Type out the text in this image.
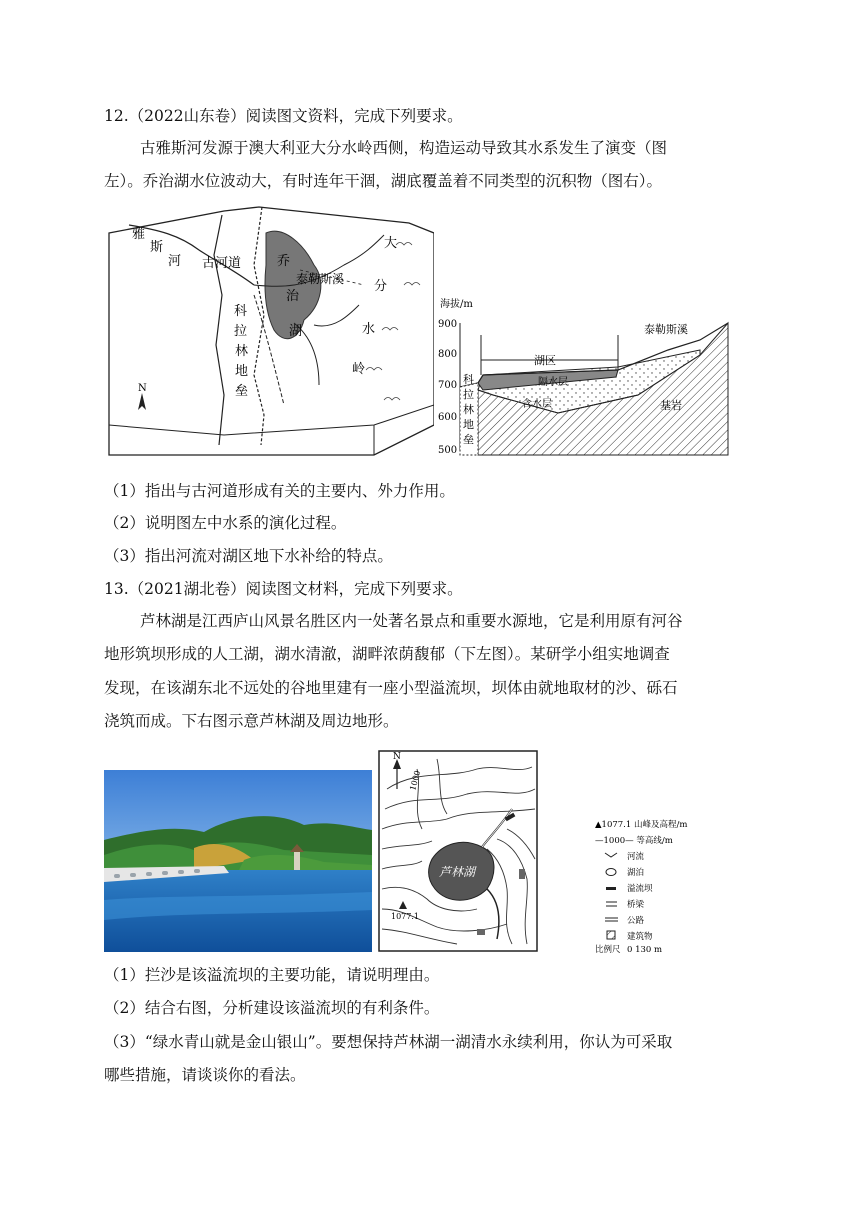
12.（2022山东卷）阅读图文资料，完成下列要求。
古雅斯河发源于澳大利亚大分水岭西侧，构造运动导致其水系发生了演变（图
左）。乔治湖水位波动大，有时连年干涸，湖底覆盖着不同类型的沉积物（图右）。
雅
斯
河 古河道	乔
治
湖
泰勒斯溪
大
分
水
岭
科
拉
林
地
垒
N
海拔/m
900
800
700
600
500
科
拉
林
地
垒
湖区
泰勒斯溪
隔水层
含水层	基岩
（1）指出与古河道形成有关的主要内、外力作用。
（2）说明图左中水系的演化过程。
（3）指出河流对湖区地下水补给的特点。
13.（2021湖北卷）阅读图文材料，完成下列要求。
芦林湖是江西庐山风景名胜区内一处著名景点和重要水源地，它是利用原有河谷
地形筑坝形成的人工湖，湖水清澈，湖畔浓荫馥郁（下左图）。某研学小组实地调查
发现，在该湖东北不远处的谷地里建有一座小型溢流坝，坝体由就地取材的沙、砾石
浇筑而成。下右图示意芦林湖及周边地形。
芦林湖
N
1000
1077.1
▲1077.1 山峰及高程/m
—1000— 等高线/m
河流
湖泊
溢流坝
桥梁
公路
建筑物
比例尺 0 130 m
（1）拦沙是该溢流坝的主要功能，请说明理由。
（2）结合右图，分析建设该溢流坝的有利条件。
（3）“绿水青山就是金山银山”。要想保持芦林湖一湖清水永续利用，你认为可采取
哪些措施，请谈谈你的看法。
